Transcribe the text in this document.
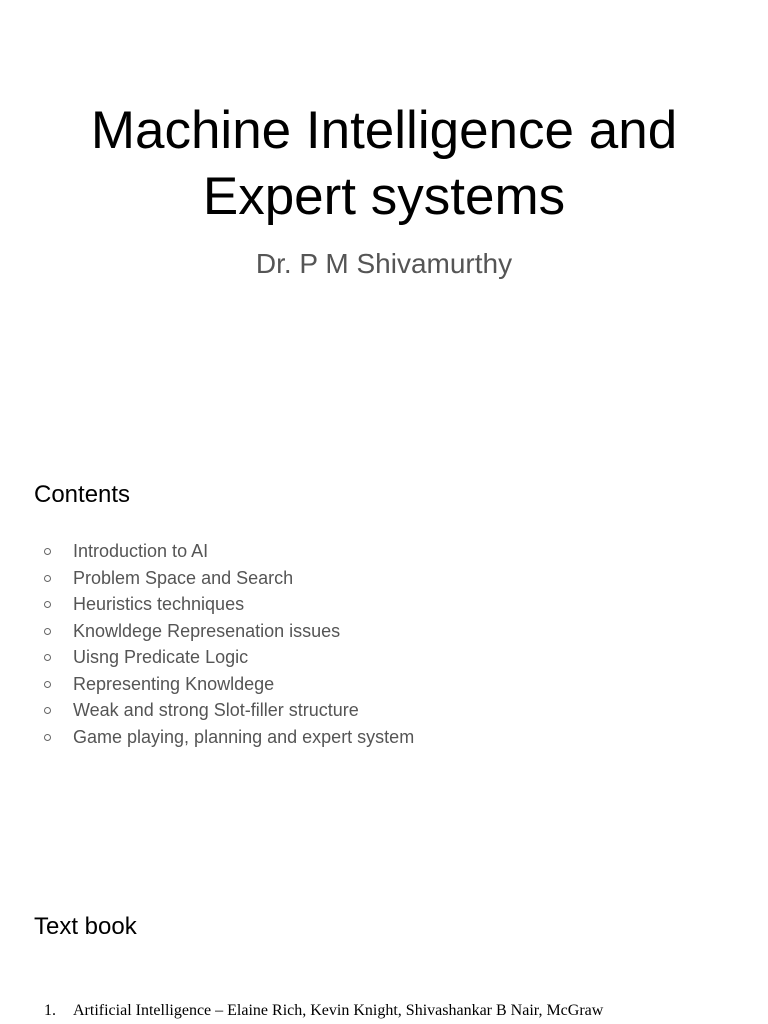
Machine Intelligence and
Expert systems
Dr. P M Shivamurthy
Contents
Introduction to AI
Problem Space and Search
Heuristics techniques
Knowldege Represenation issues
Uisng Predicate Logic
Representing Knowldege
Weak and strong Slot-filler structure
Game playing, planning and expert system
Text book
1. Artificial Intelligence – Elaine Rich, Kevin Knight, Shivashankar B Nair, McGraw
